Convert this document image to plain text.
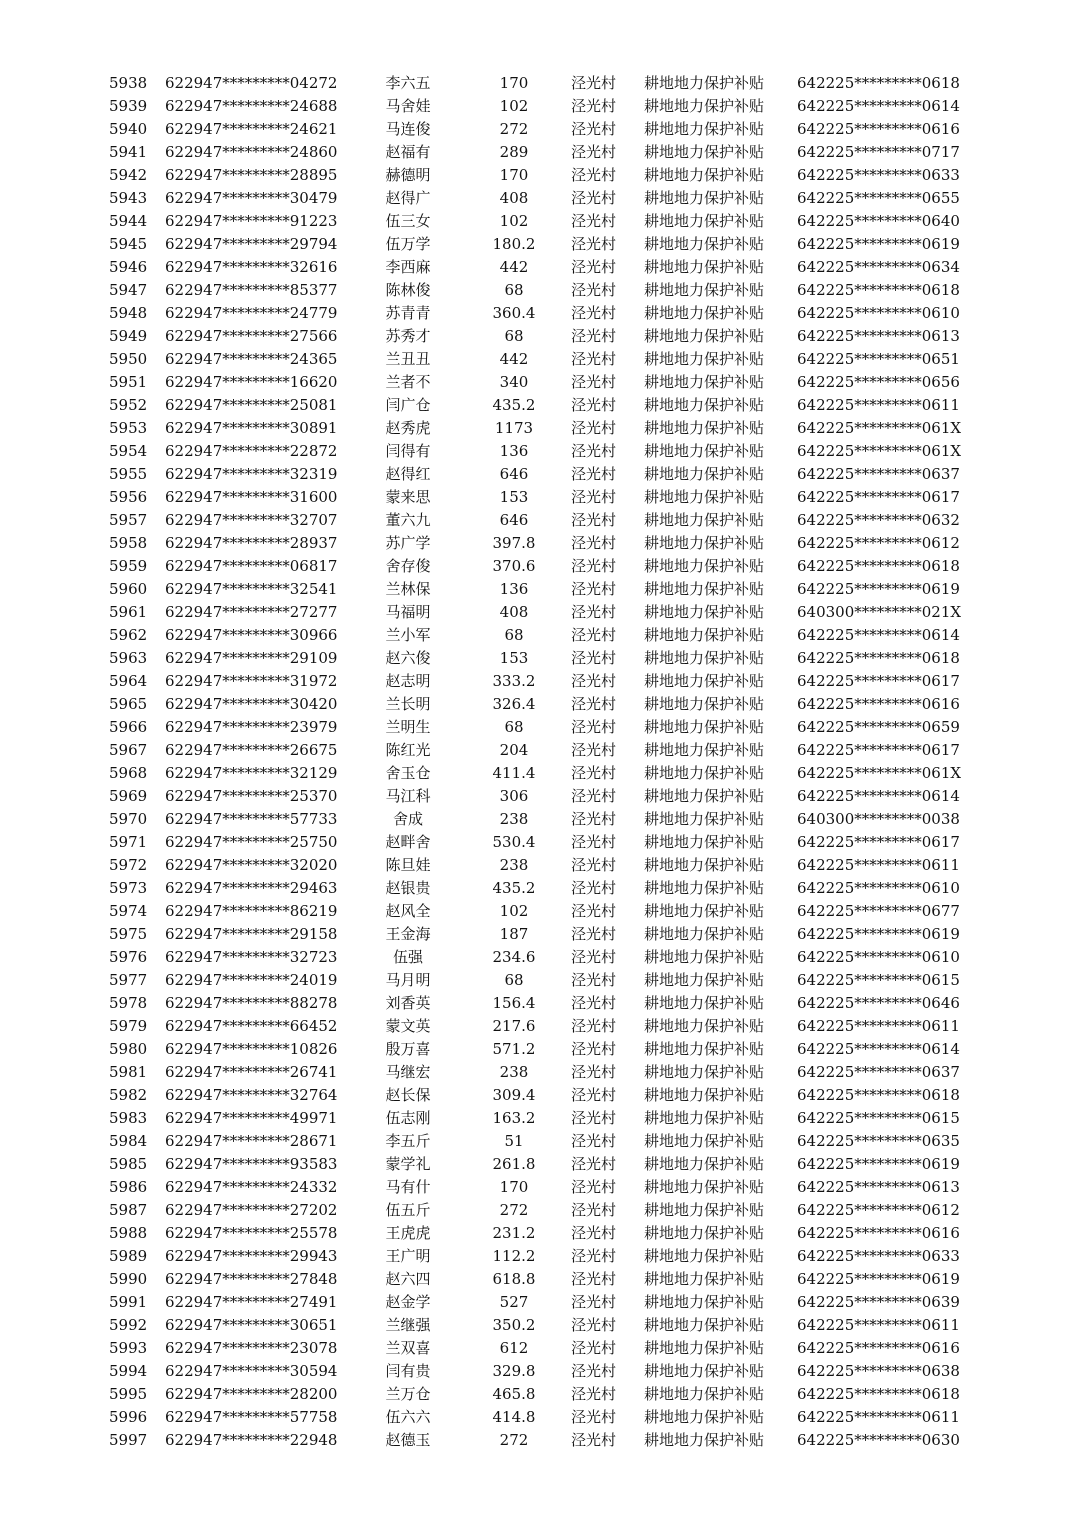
5938 622947*********04272	李六五	170	泾光村 耕地地力保护补贴 642225*********0618
5939 622947*********24688	马舍娃	102	泾光村 耕地地力保护补贴 642225*********0614
5940 622947*********24621	马连俊	272	泾光村 耕地地力保护补贴 642225*********0616
5941 622947*********24860	赵福有	289	泾光村 耕地地力保护补贴 642225*********0717
5942 622947*********28895	赫德明	170	泾光村 耕地地力保护补贴 642225*********0633
5943 622947*********30479	赵得广	408	泾光村 耕地地力保护补贴 642225*********0655
5944 622947*********91223	伍三女	102	泾光村 耕地地力保护补贴 642225*********0640
5945 622947*********29794	伍万学	180.2	泾光村 耕地地力保护补贴 642225*********0619
5946 622947*********32616	李西麻	442	泾光村 耕地地力保护补贴 642225*********0634
5947 622947*********85377	陈林俊	68	泾光村 耕地地力保护补贴 642225*********0618
5948 622947*********24779	苏青青	360.4	泾光村 耕地地力保护补贴 642225*********0610
5949 622947*********27566	苏秀才	68	泾光村 耕地地力保护补贴 642225*********0613
5950 622947*********24365	兰丑丑	442	泾光村 耕地地力保护补贴 642225*********0651
5951 622947*********16620	兰者不	340	泾光村 耕地地力保护补贴 642225*********0656
5952 622947*********25081	闫广仓	435.2	泾光村 耕地地力保护补贴 642225*********0611
5953 622947*********30891	赵秀虎	1173	泾光村 耕地地力保护补贴 642225*********061X
5954 622947*********22872	闫得有	136	泾光村 耕地地力保护补贴 642225*********061X
5955 622947*********32319	赵得红	646	泾光村 耕地地力保护补贴 642225*********0637
5956 622947*********31600	蒙来思	153	泾光村 耕地地力保护补贴 642225*********0617
5957 622947*********32707	董六九	646	泾光村 耕地地力保护补贴 642225*********0632
5958 622947*********28937	苏广学	397.8	泾光村 耕地地力保护补贴 642225*********0612
5959 622947*********06817	舍存俊	370.6	泾光村 耕地地力保护补贴 642225*********0618
5960 622947*********32541	兰林保	136	泾光村 耕地地力保护补贴 642225*********0619
5961 622947*********27277	马福明	408	泾光村 耕地地力保护补贴 640300*********021X
5962 622947*********30966	兰小军	68	泾光村 耕地地力保护补贴 642225*********0614
5963 622947*********29109	赵六俊	153	泾光村 耕地地力保护补贴 642225*********0618
5964 622947*********31972	赵志明	333.2	泾光村 耕地地力保护补贴 642225*********0617
5965 622947*********30420	兰长明	326.4	泾光村 耕地地力保护补贴 642225*********0616
5966 622947*********23979	兰明生	68	泾光村 耕地地力保护补贴 642225*********0659
5967 622947*********26675	陈红光	204	泾光村 耕地地力保护补贴 642225*********0617
5968 622947*********32129	舍玉仓	411.4	泾光村 耕地地力保护补贴 642225*********061X
5969 622947*********25370	马江科	306	泾光村 耕地地力保护补贴 642225*********0614
5970 622947*********57733	舍成	238	泾光村 耕地地力保护补贴 640300*********0038
5971 622947*********25750	赵畔舍	530.4	泾光村 耕地地力保护补贴 642225*********0617
5972 622947*********32020	陈旦娃	238	泾光村 耕地地力保护补贴 642225*********0611
5973 622947*********29463	赵银贵	435.2	泾光村 耕地地力保护补贴 642225*********0610
5974 622947*********86219	赵风全	102	泾光村 耕地地力保护补贴 642225*********0677
5975 622947*********29158	王金海	187	泾光村 耕地地力保护补贴 642225*********0619
5976 622947*********32723	伍强	234.6	泾光村 耕地地力保护补贴 642225*********0610
5977 622947*********24019	马月明	68	泾光村 耕地地力保护补贴 642225*********0615
5978 622947*********88278	刘香英	156.4	泾光村 耕地地力保护补贴 642225*********0646
5979 622947*********66452	蒙文英	217.6	泾光村 耕地地力保护补贴 642225*********0611
5980 622947*********10826	殷万喜	571.2	泾光村 耕地地力保护补贴 642225*********0614
5981 622947*********26741	马继宏	238	泾光村 耕地地力保护补贴 642225*********0637
5982 622947*********32764	赵长保	309.4	泾光村 耕地地力保护补贴 642225*********0618
5983 622947*********49971	伍志刚	163.2	泾光村 耕地地力保护补贴 642225*********0615
5984 622947*********28671	李五斤	51	泾光村 耕地地力保护补贴 642225*********0635
5985 622947*********93583	蒙学礼	261.8	泾光村 耕地地力保护补贴 642225*********0619
5986 622947*********24332	马有什	170	泾光村 耕地地力保护补贴 642225*********0613
5987 622947*********27202	伍五斤	272	泾光村 耕地地力保护补贴 642225*********0612
5988 622947*********25578	王虎虎	231.2	泾光村 耕地地力保护补贴 642225*********0616
5989 622947*********29943	王广明	112.2	泾光村 耕地地力保护补贴 642225*********0633
5990 622947*********27848	赵六四	618.8	泾光村 耕地地力保护补贴 642225*********0619
5991 622947*********27491	赵金学	527	泾光村 耕地地力保护补贴 642225*********0639
5992 622947*********30651	兰继强	350.2	泾光村 耕地地力保护补贴 642225*********0611
5993 622947*********23078	兰双喜	612	泾光村 耕地地力保护补贴 642225*********0616
5994 622947*********30594	闫有贵	329.8	泾光村 耕地地力保护补贴 642225*********0638
5995 622947*********28200	兰万仓	465.8	泾光村 耕地地力保护补贴 642225*********0618
5996 622947*********57758	伍六六	414.8	泾光村 耕地地力保护补贴 642225*********0611
5997 622947*********22948	赵德玉	272	泾光村 耕地地力保护补贴 642225*********0630
